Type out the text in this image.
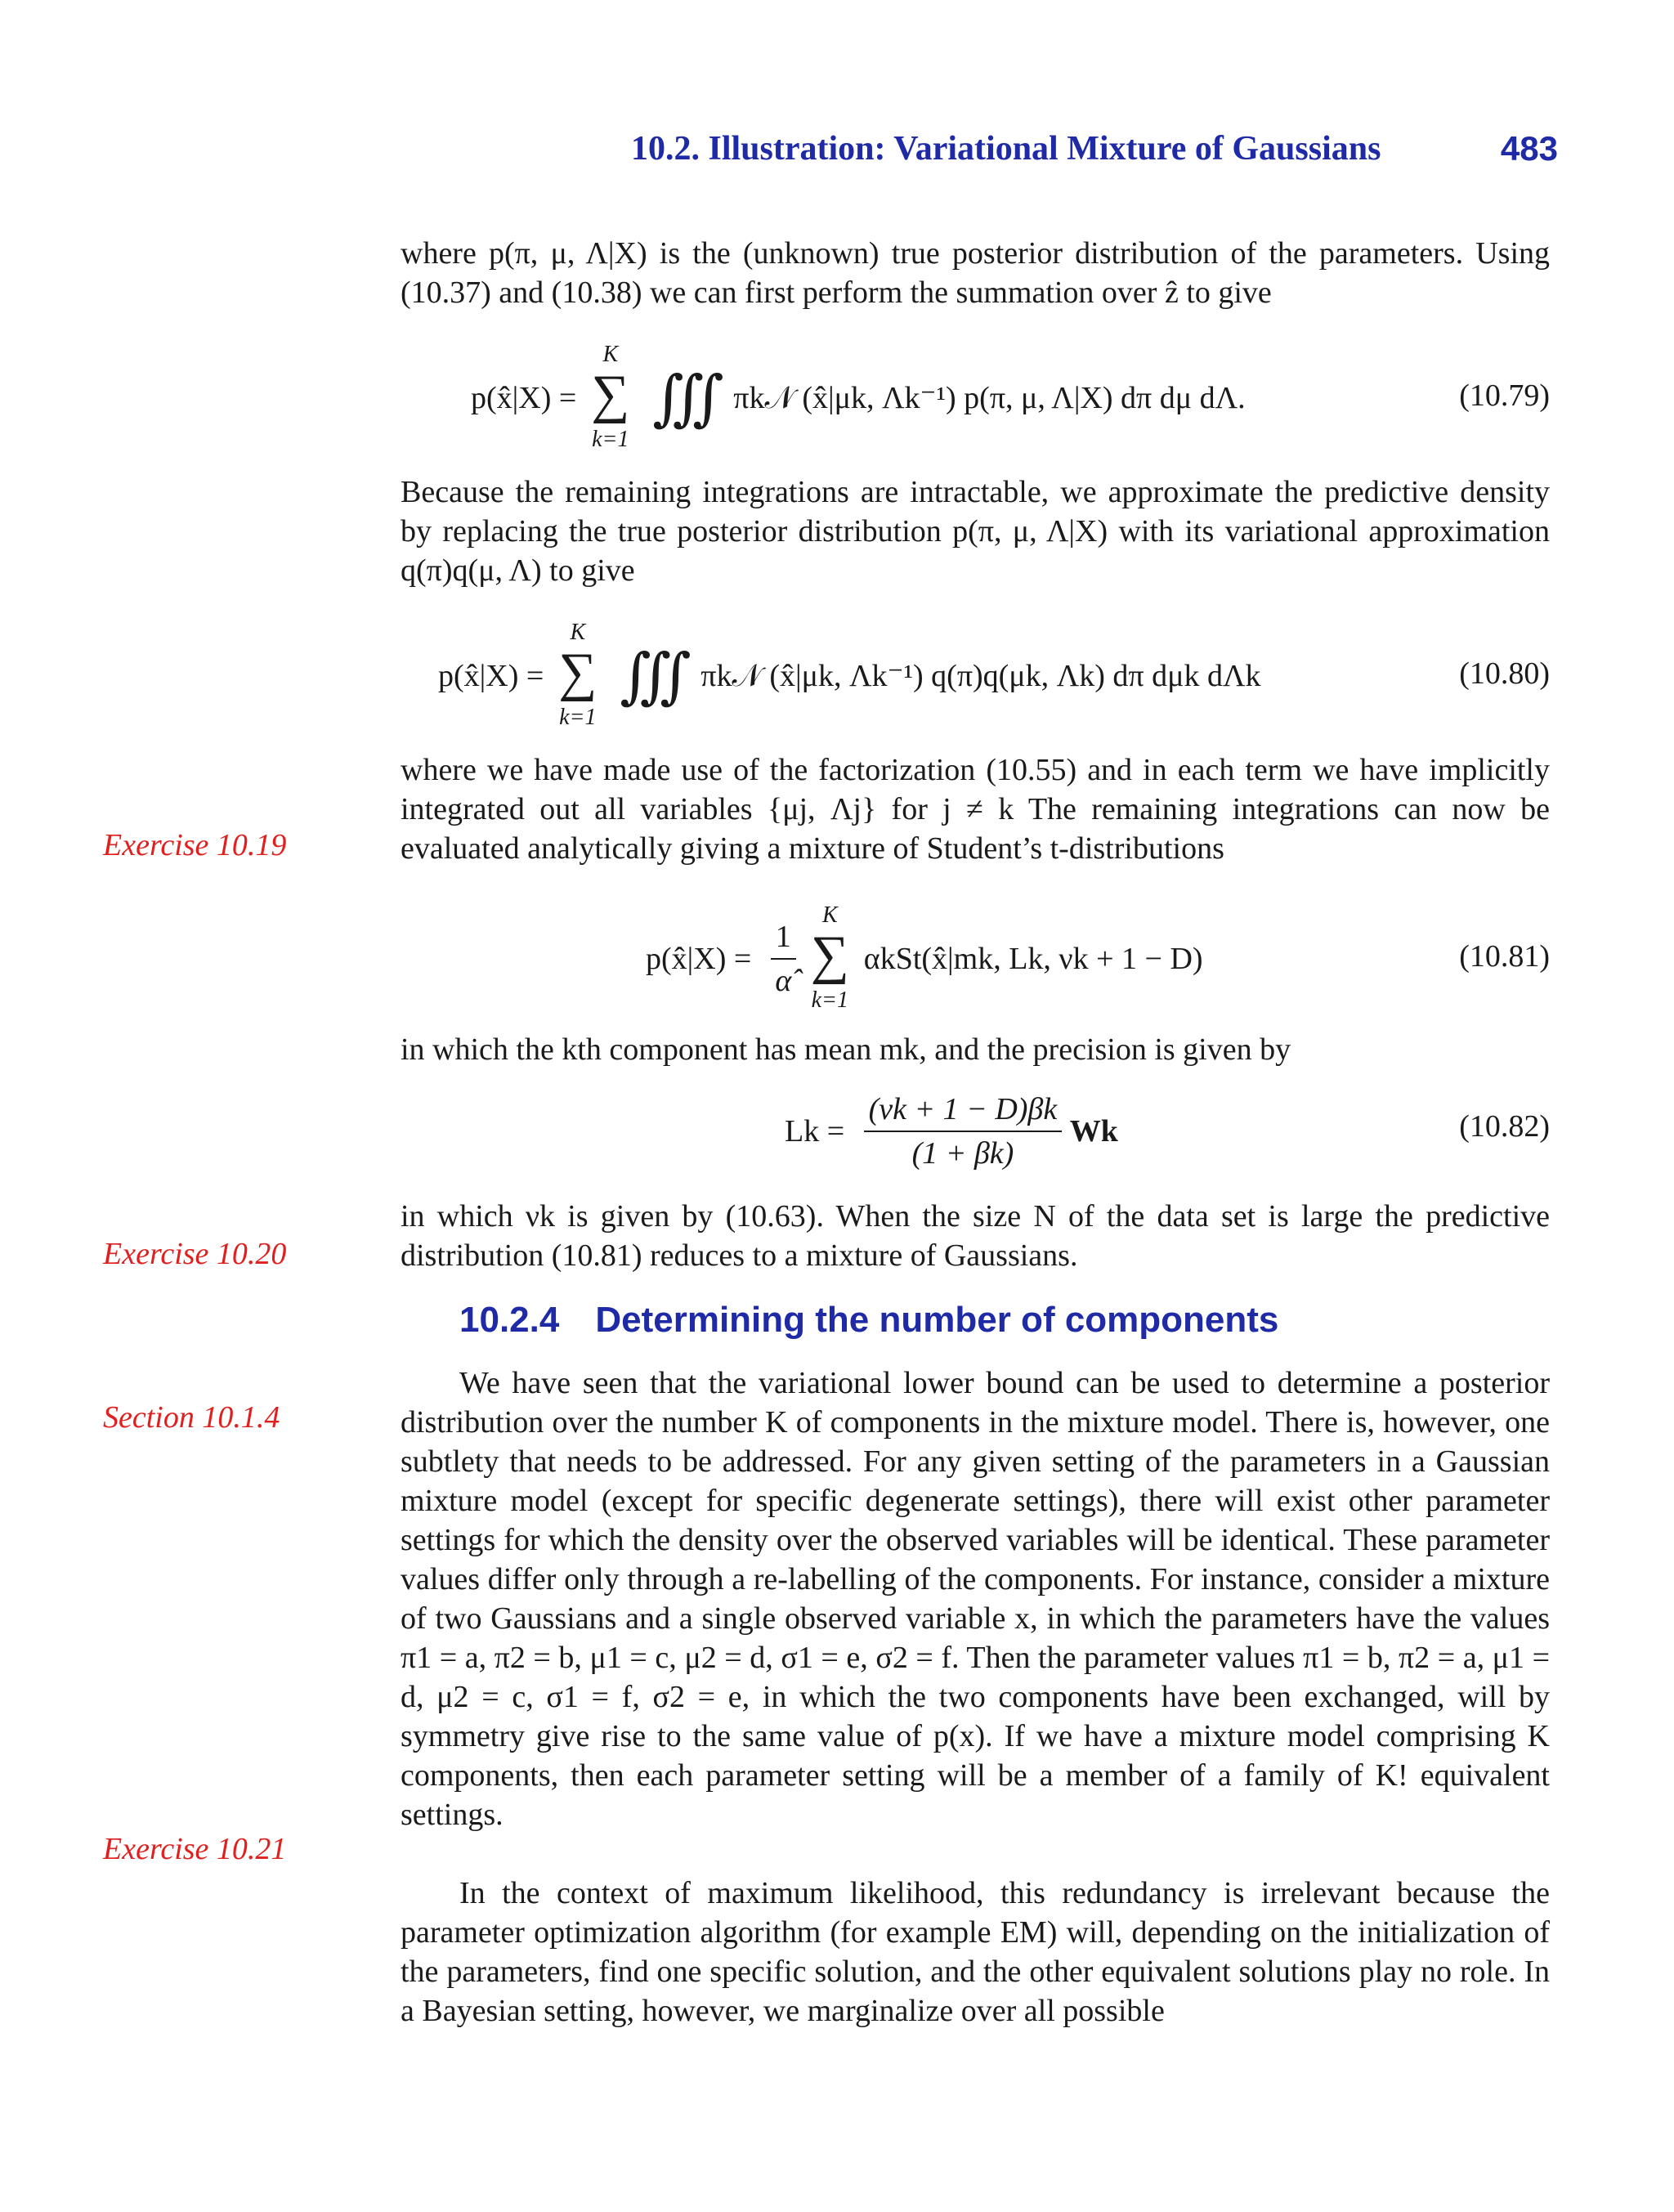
10.2. Illustration: Variational Mixture of Gaussians	483

where p(π, μ, Λ|X) is the (unknown) true posterior distribution of the parameters. Using (10.37) and (10.38) we can first perform the summation over ẑ to give

p(x̂|X) =
K
∑
k=1
∭ πk𝒩 (x̂|μk, Λk⁻¹) p(π, μ, Λ|X) dπ dμ dΛ.	(10.79)

Because the remaining integrations are intractable, we approximate the predictive density by replacing the true posterior distribution p(π, μ, Λ|X) with its variational approximation q(π)q(μ, Λ) to give

p(x̂|X) =
K
∑
k=1
∭ πk𝒩 (x̂|μk, Λk⁻¹) q(π)q(μk, Λk) dπ dμk dΛk	(10.80)

where we have made use of the factorization (10.55) and in each term we have implicitly integrated out all variables {μj, Λj} for j ≠ k The remaining integrations can now be evaluated analytically giving a mixture of Student’s t-distributions

p(x̂|X) = $\frac{1}{\alphâ}$

K
∑
k=1
αkSt(x̂|mk, Lk, νk + 1 − D)	(10.81)

in which the kth component has mean mk, and the precision is given by

$Lk = \frac{(\nu k + 1 - D)\beta k}{(1 + \beta k)}$ Wk	(10.82)

in which νk is given by (10.63). When the size N of the data set is large the predictive distribution (10.81) reduces to a mixture of Gaussians.

10.2.4 Determining the number of components

We have seen that the variational lower bound can be used to determine a posterior distribution over the number K of components in the mixture model. There is, however, one subtlety that needs to be addressed. For any given setting of the parameters in a Gaussian mixture model (except for specific degenerate settings), there will exist other parameter settings for which the density over the observed variables will be identical. These parameter values differ only through a re-labelling of the components. For instance, consider a mixture of two Gaussians and a single observed variable x, in which the parameters have the values π1 = a, π2 = b, μ1 = c, μ2 = d, σ1 = e, σ2 = f. Then the parameter values π1 = b, π2 = a, μ1 = d, μ2 = c, σ1 = f, σ2 = e, in which the two components have been exchanged, will by symmetry give rise to the same value of p(x). If we have a mixture model comprising K components, then each parameter setting will be a member of a family of K! equivalent settings.

In the context of maximum likelihood, this redundancy is irrelevant because the parameter optimization algorithm (for example EM) will, depending on the initialization of the parameters, find one specific solution, and the other equivalent solutions play no role. In a Bayesian setting, however, we marginalize over all possible

Exercise 10.19
Exercise 10.20
Section 10.1.4
Exercise 10.21
